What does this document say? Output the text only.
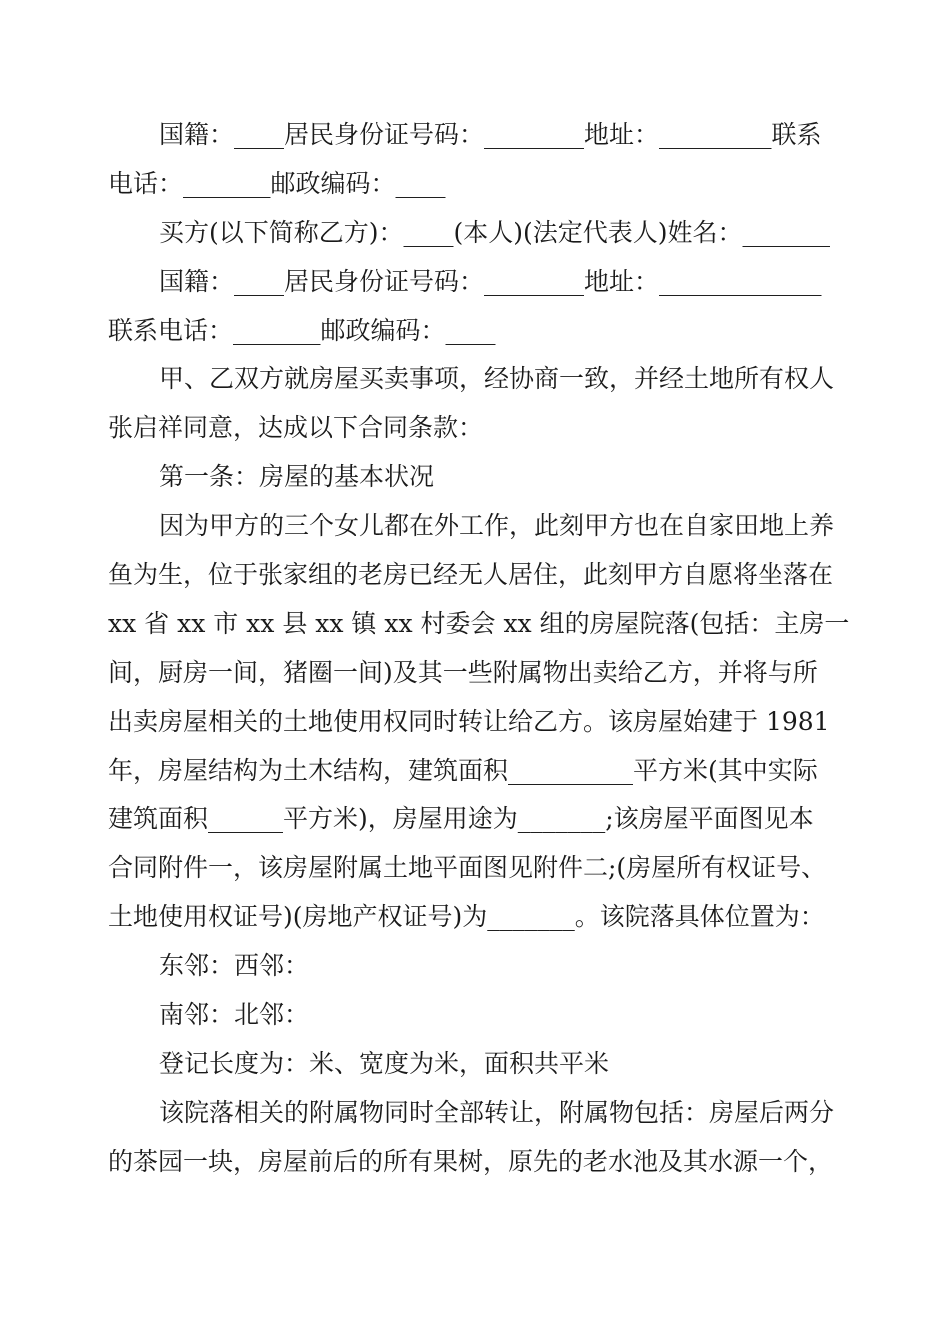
国籍：____居民身份证号码：________地址：_________联系
电话：_______邮政编码：____
买方(以下简称乙方)：____(本人)(法定代表人)姓名：_______
国籍：____居民身份证号码：________地址：_____________
联系电话：_______邮政编码：____
甲、乙双方就房屋买卖事项，经协商一致，并经土地所有权人
张启祥同意，达成以下合同条款：
第一条：房屋的基本状况
因为甲方的三个女儿都在外工作，此刻甲方也在自家田地上养
鱼为生，位于张家组的老房已经无人居住，此刻甲方自愿将坐落在
xx 省 xx 市 xx 县 xx 镇 xx 村委会 xx 组的房屋院落(包括：主房一
间，厨房一间，猪圈一间)及其一些附属物出卖给乙方，并将与所
出卖房屋相关的土地使用权同时转让给乙方。该房屋始建于 1981
年，房屋结构为土木结构，建筑面积__________平方米(其中实际
建筑面积______平方米)，房屋用途为_______;该房屋平面图见本
合同附件一，该房屋附属土地平面图见附件二;(房屋所有权证号、
土地使用权证号)(房地产权证号)为_______。该院落具体位置为：
东邻：西邻：
南邻：北邻：
登记长度为：米、宽度为米，面积共平米
该院落相关的附属物同时全部转让，附属物包括：房屋后两分
的茶园一块，房屋前后的所有果树，原先的老水池及其水源一个，
